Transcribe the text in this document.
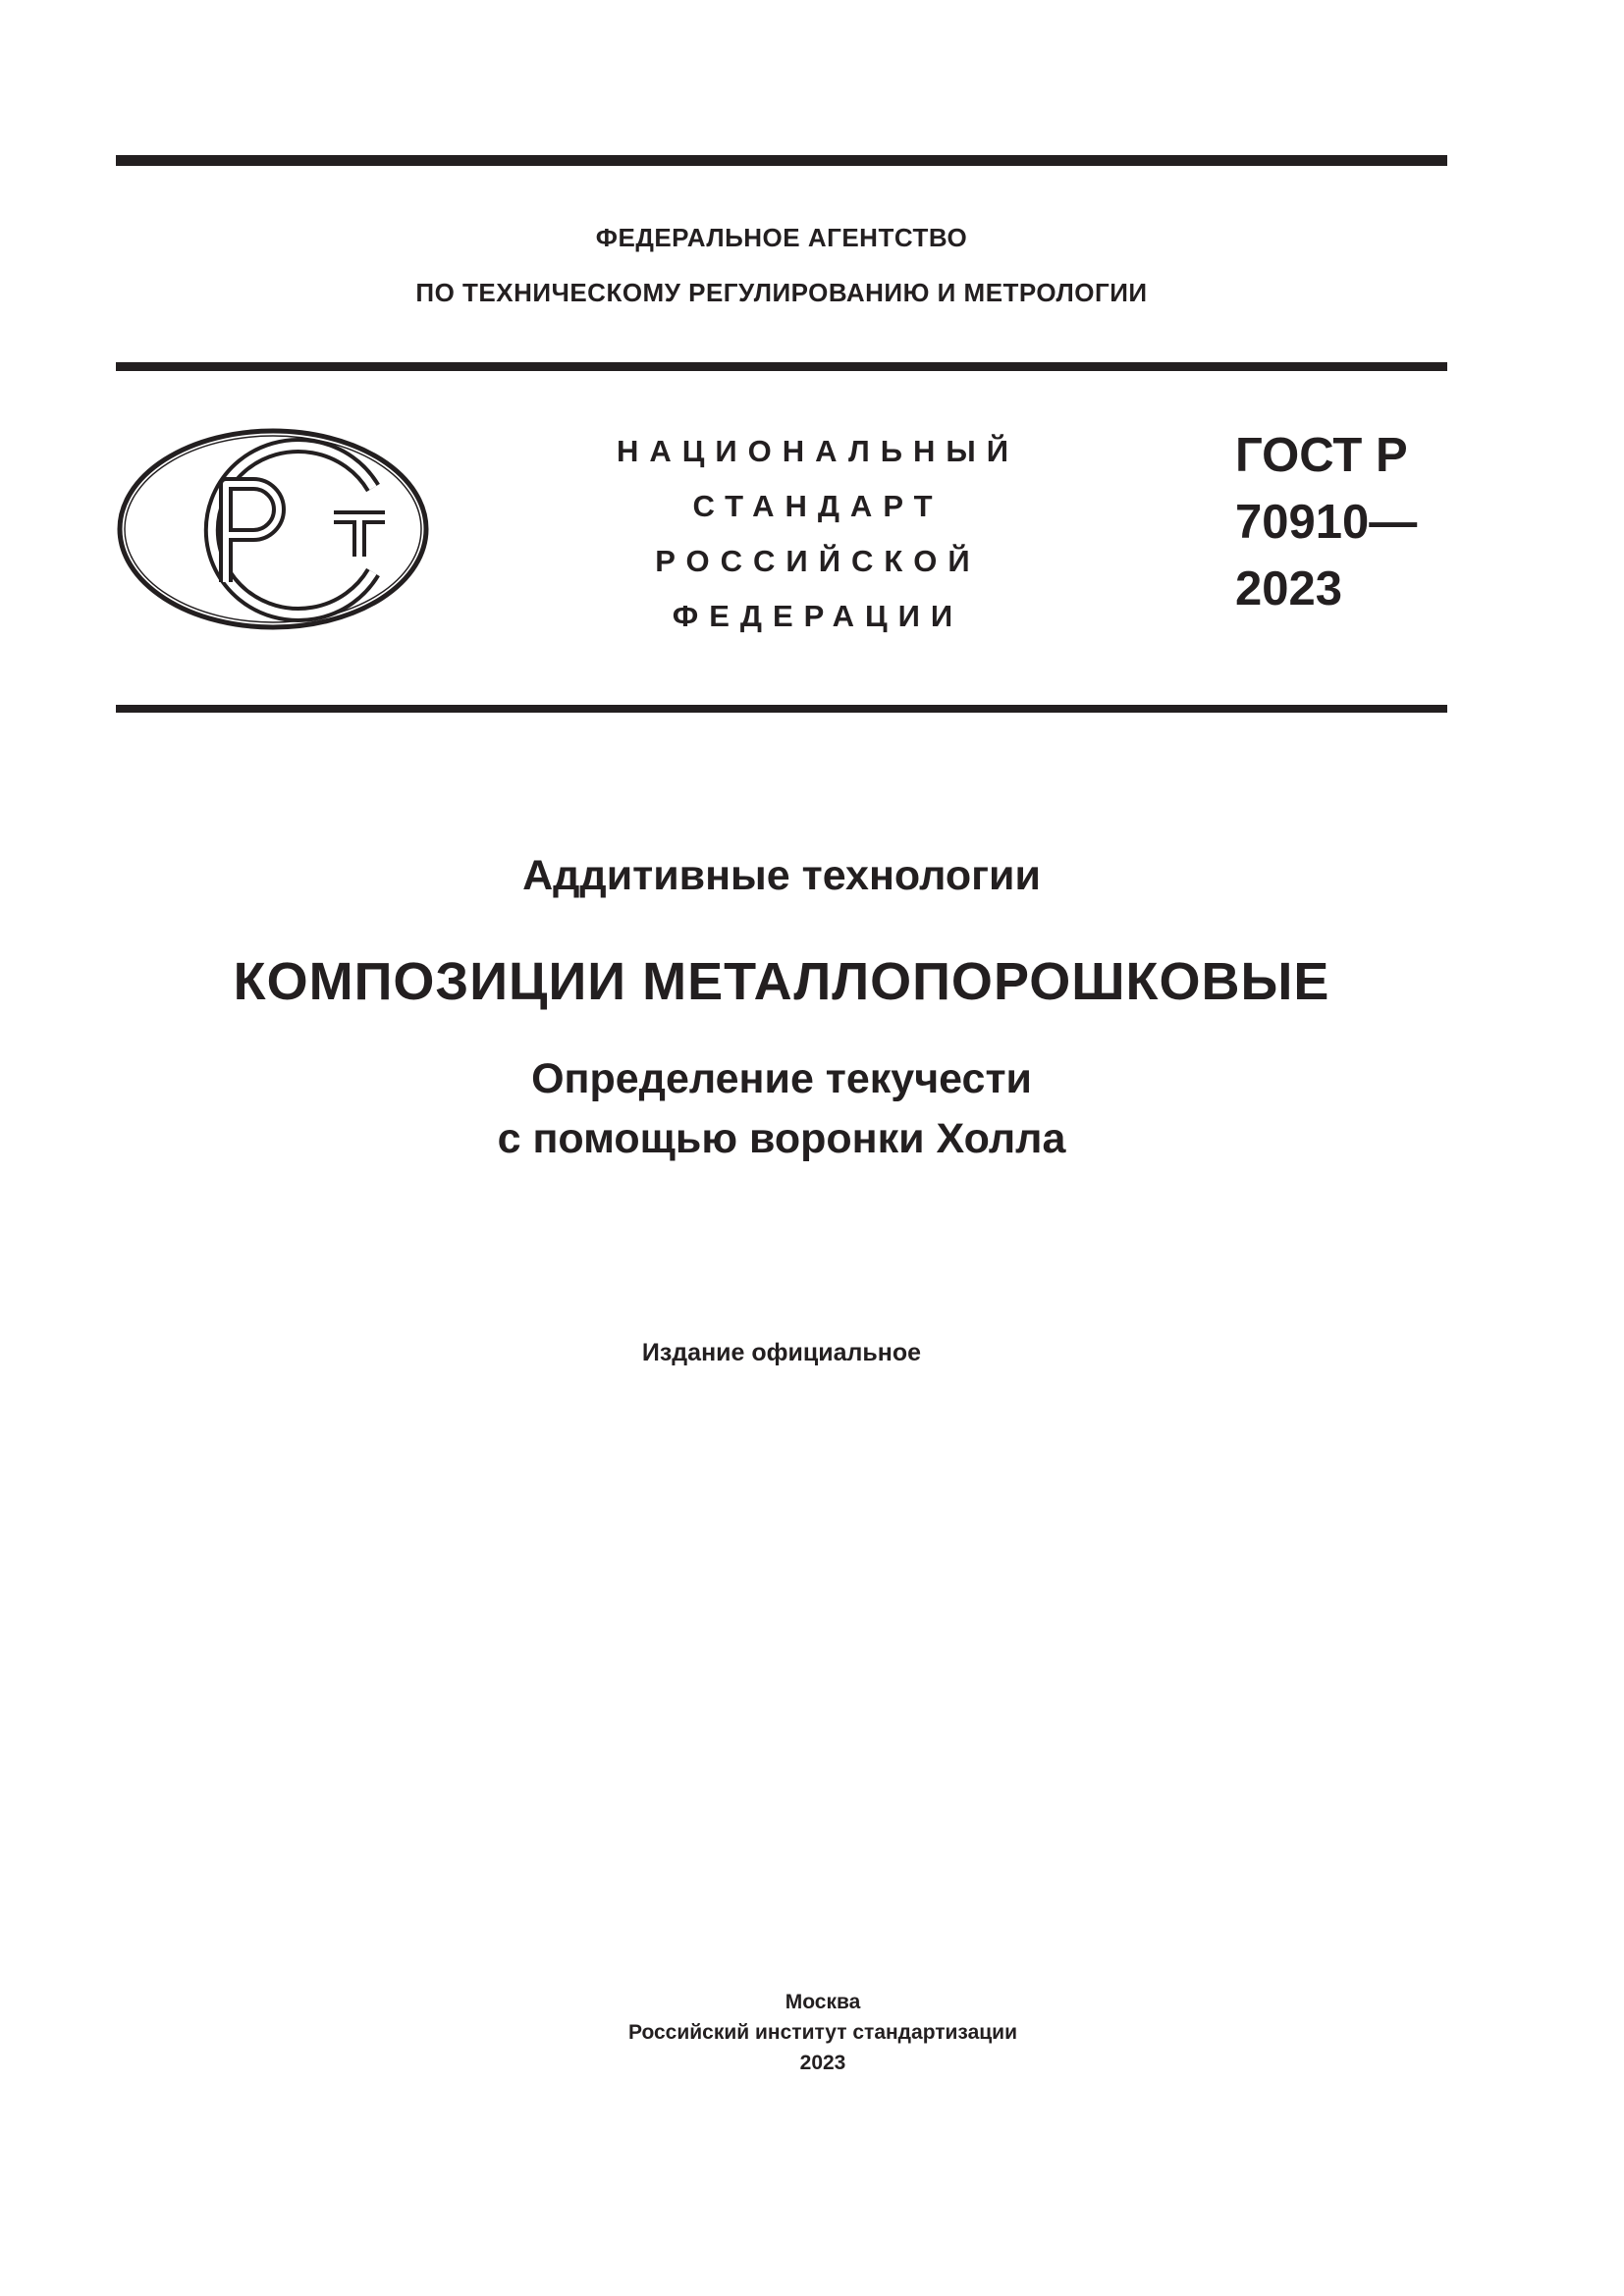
ФЕДЕРАЛЬНОЕ АГЕНТСТВО
ПО ТЕХНИЧЕСКОМУ РЕГУЛИРОВАНИЮ И МЕТРОЛОГИИ
НАЦИОНАЛЬНЫЙ
СТАНДАРТ
РОССИЙСКОЙ
ФЕДЕРАЦИИ
ГОСТ Р
70910—
2023
Аддитивные технологии
КОМПОЗИЦИИ МЕТАЛЛОПОРОШКОВЫЕ
Определение текучести
с помощью воронки Холла
Издание официальное
Москва
Российский институт стандартизации
2023
